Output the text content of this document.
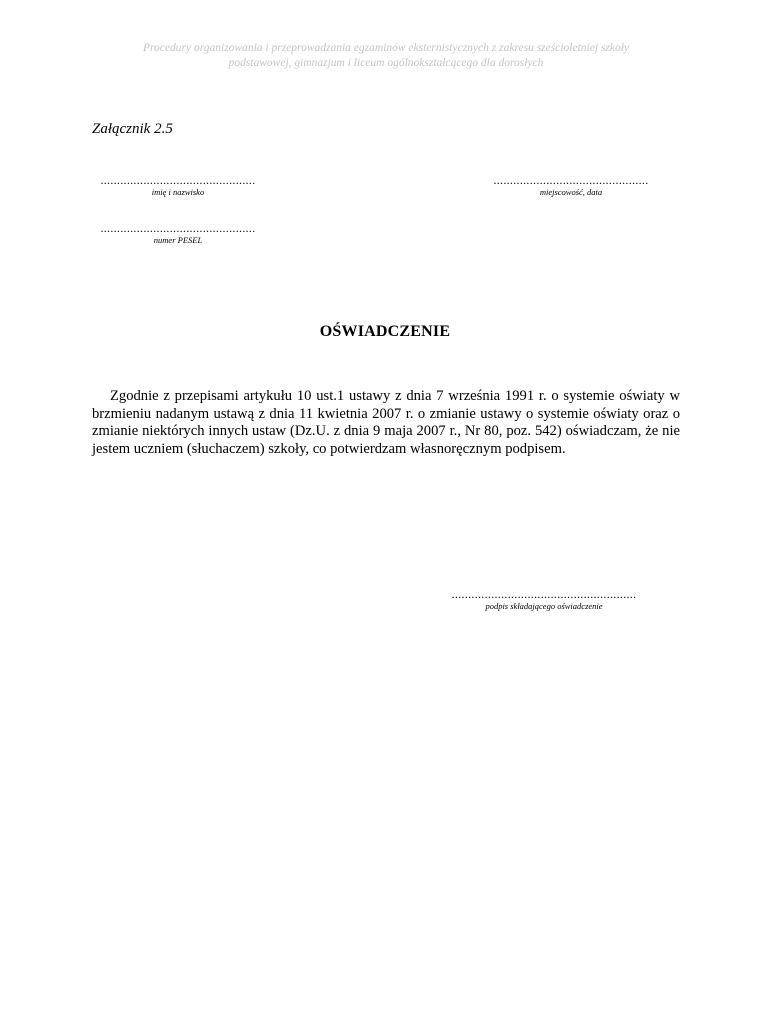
Procedury organizowania i przeprowadzania egzaminów eksternistycznych z zakresu sześcioletniej szkoły
podstawowej, gimnazjum i liceum ogólnokształcącego dla dorosłych
Załącznik 2.5
...............................................
imię i nazwisko
...............................................
miejscowość, data
...............................................
numer PESEL
OŚWIADCZENIE
Zgodnie z przepisami artykułu 10 ust.1 ustawy z dnia 7 września 1991 r. o systemie oświaty w brzmieniu nadanym ustawą z dnia 11 kwietnia 2007 r. o zmianie ustawy o systemie oświaty oraz o zmianie niektórych innych ustaw (Dz.U. z dnia 9 maja 2007 r., Nr 80, poz. 542) oświadczam, że nie jestem uczniem (słuchaczem) szkoły, co potwierdzam własnoręcznym podpisem.
........................................................
podpis składającego oświadczenie
